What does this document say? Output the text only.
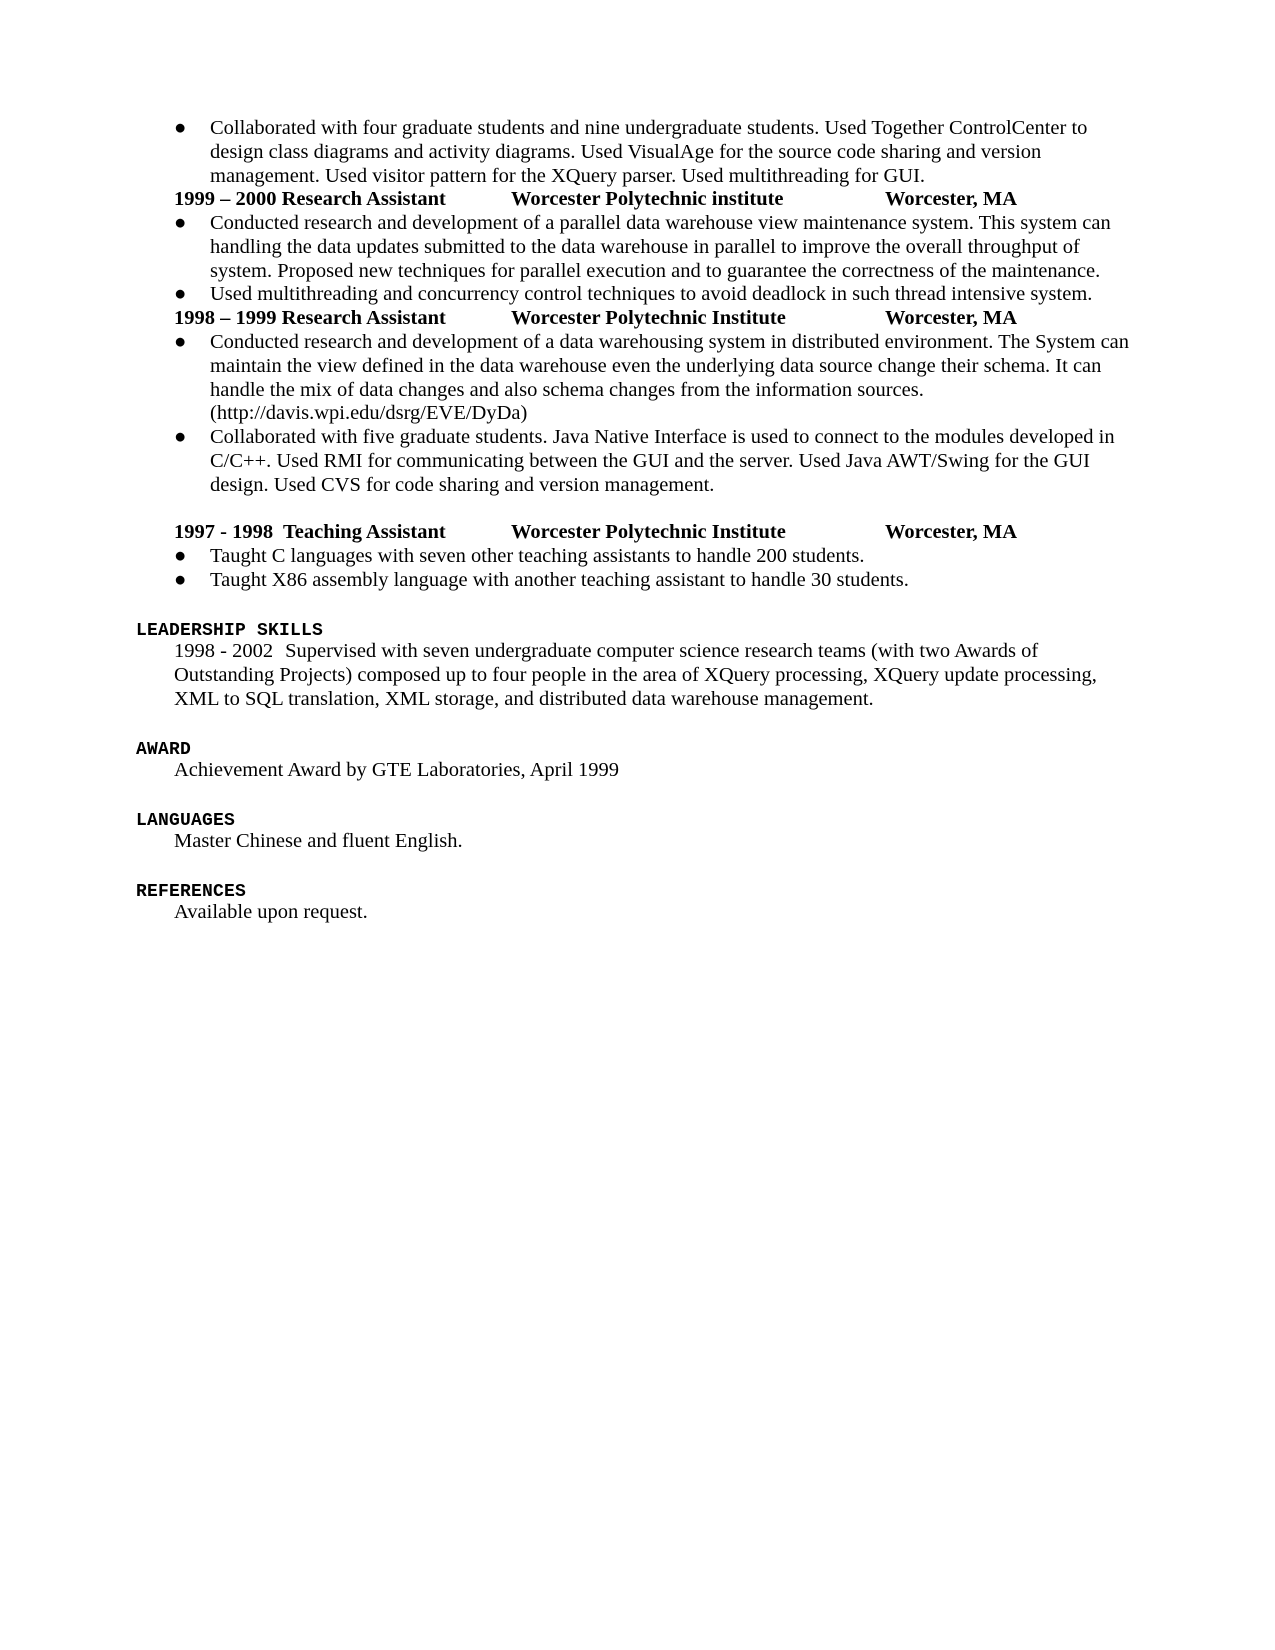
●	Collaborated with four graduate students and nine undergraduate students. Used Together ControlCenter to design class diagrams and activity diagrams. Used VisualAge for the source code sharing and version management. Used visitor pattern for the XQuery parser. Used multithreading for GUI.
1999 – 2000 Research Assistant	Worcester Polytechnic institute	Worcester, MA
●	Conducted research and development of a parallel data warehouse view maintenance system. This system can handling the data updates submitted to the data warehouse in parallel to improve the overall throughput of system. Proposed new techniques for parallel execution and to guarantee the correctness of the maintenance.
●	Used multithreading and concurrency control techniques to avoid deadlock in such thread intensive system.
1998 – 1999 Research Assistant	Worcester Polytechnic Institute	Worcester, MA
●	Conducted research and development of a data warehousing system in distributed environment. The System can maintain the view defined in the data warehouse even the underlying data source change their schema. It can handle the mix of data changes and also schema changes from the information sources. (http://davis.wpi.edu/dsrg/EVE/DyDa)
●	Collaborated with five graduate students. Java Native Interface is used to connect to the modules developed in C/C++. Used RMI for communicating between the GUI and the server. Used Java AWT/Swing for the GUI design. Used CVS for code sharing and version management.
1997 - 1998  Teaching Assistant	Worcester Polytechnic Institute	Worcester, MA
●	Taught C languages with seven other teaching assistants to handle 200 students.
●	Taught X86 assembly language with another teaching assistant to handle 30 students.
LEADERSHIP SKILLS
1998 - 2002 Supervised with seven undergraduate computer science research teams (with two Awards of Outstanding Projects) composed up to four people in the area of XQuery processing, XQuery update processing, XML to SQL translation, XML storage, and distributed data warehouse management.
AWARD
Achievement Award by GTE Laboratories, April 1999
LANGUAGES
Master Chinese and fluent English.
REFERENCES
Available upon request.
